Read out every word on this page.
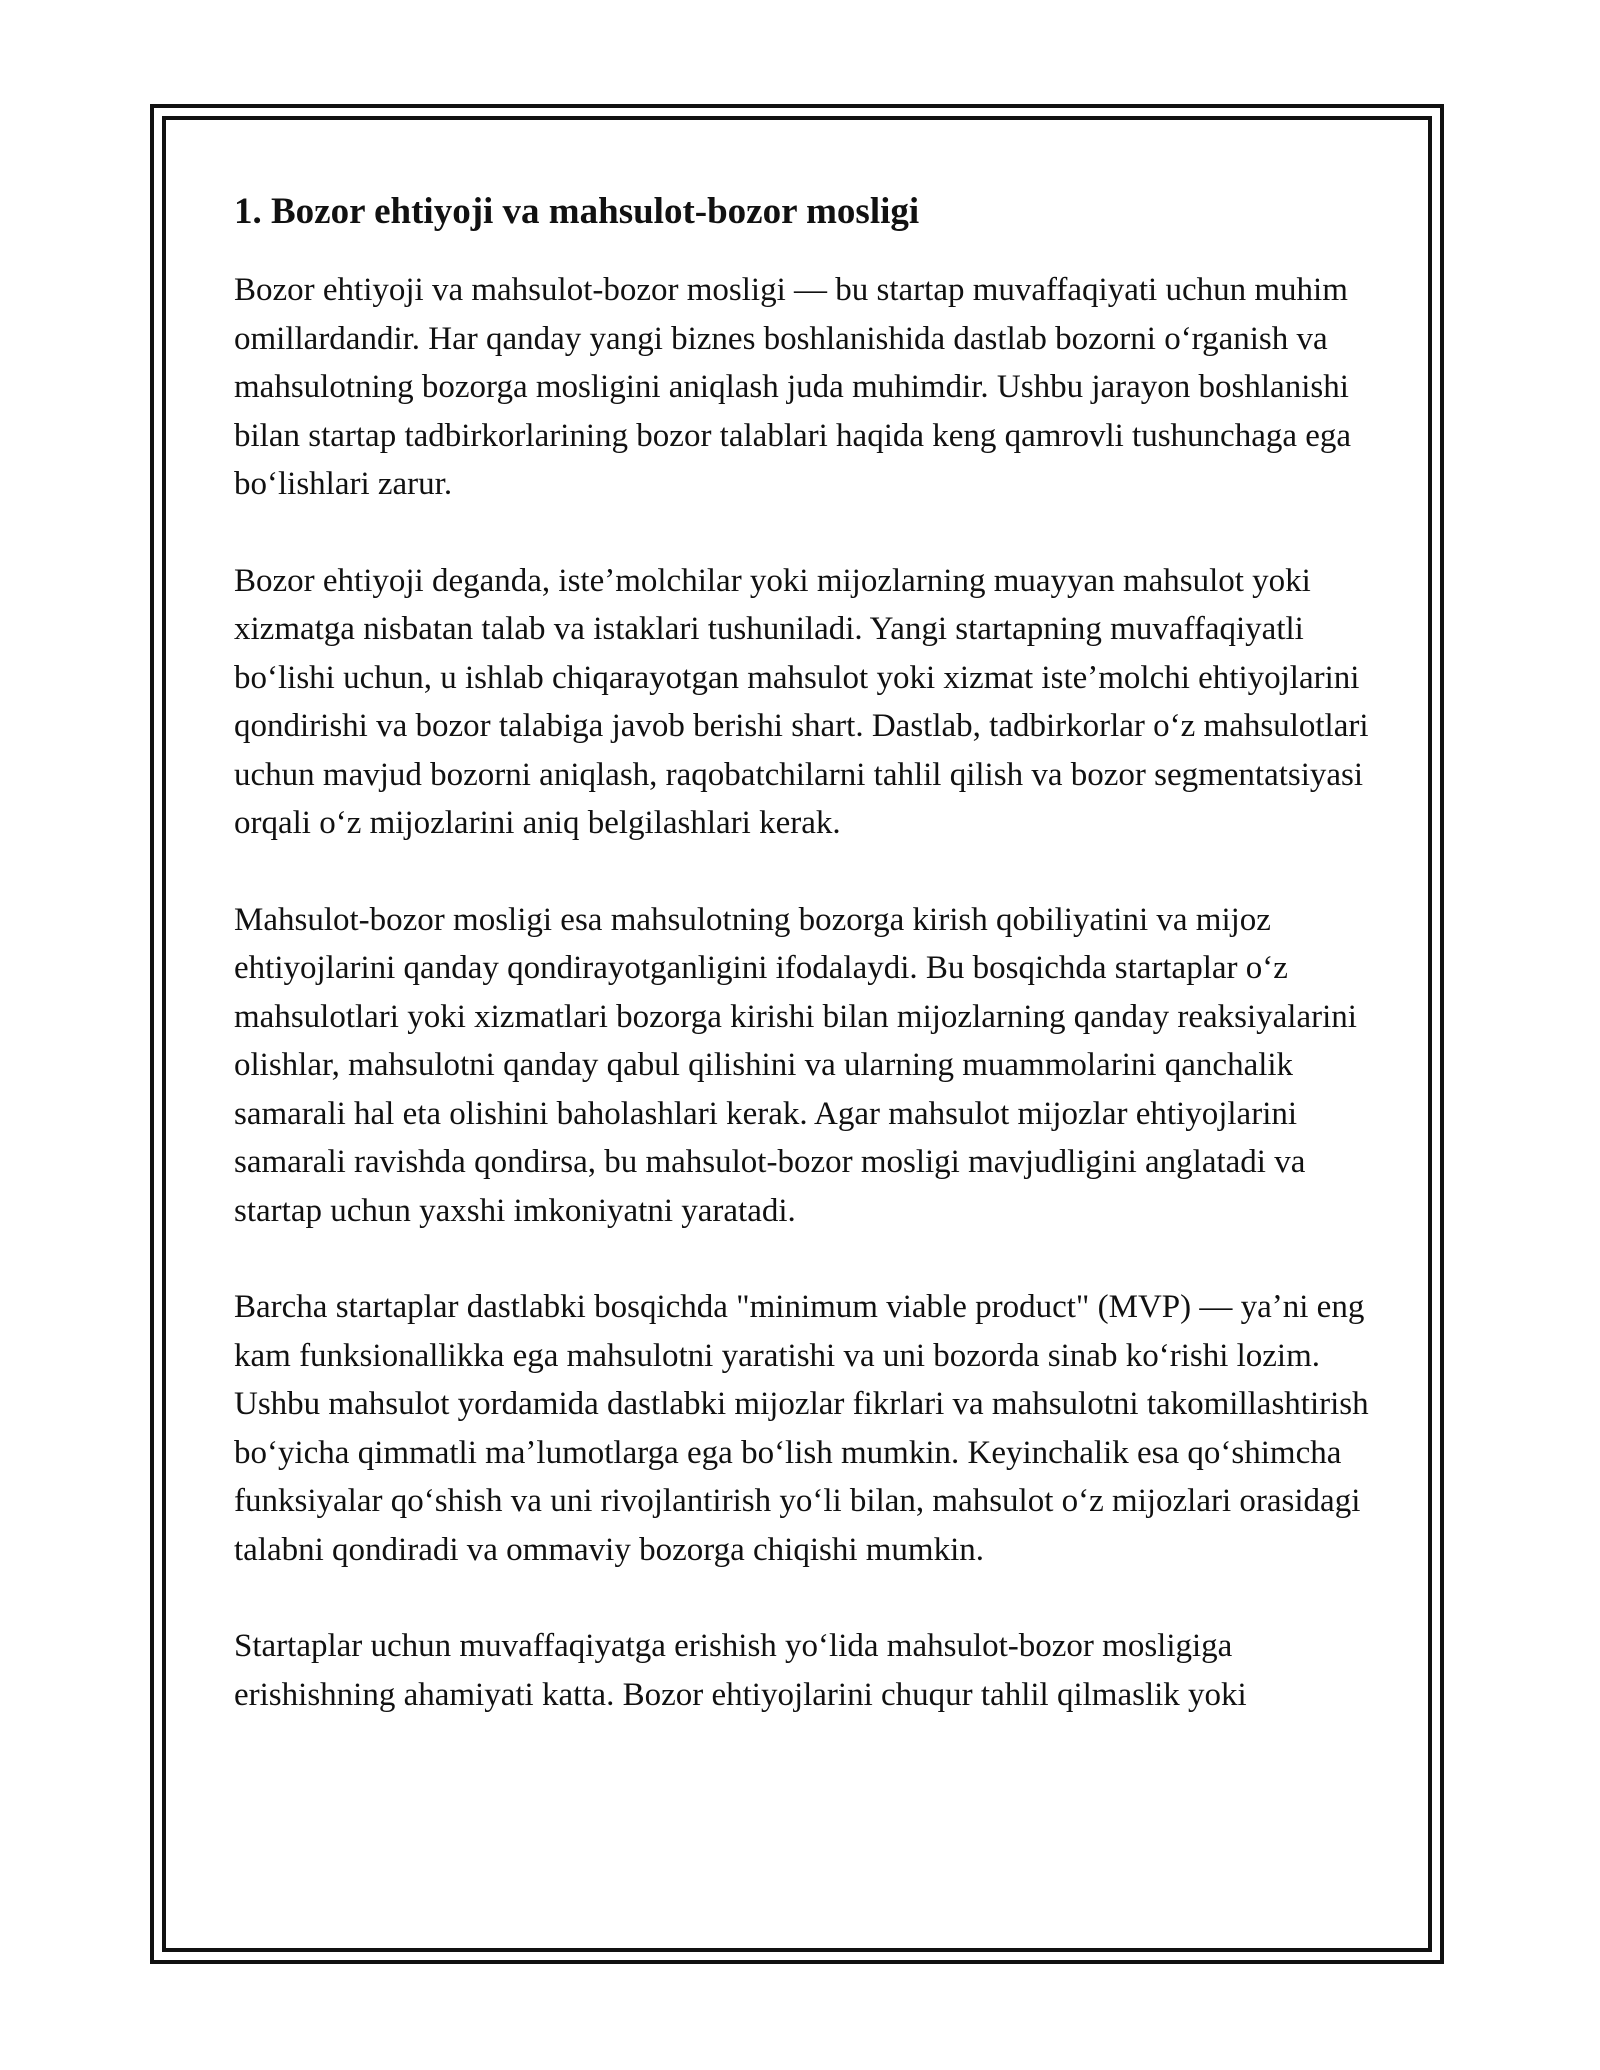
1. Bozor ehtiyoji va mahsulot-bozor mosligi

Bozor ehtiyoji va mahsulot-bozor mosligi — bu startap muvaffaqiyati uchun muhim omillardandir. Har qanday yangi biznes boshlanishida dastlab bozorni oʻrganish va mahsulotning bozorga mosligini aniqlash juda muhimdir. Ushbu jarayon boshlanishi bilan startap tadbirkorlarining bozor talablari haqida keng qamrovli tushunchaga ega boʻlishlari zarur.

Bozor ehtiyoji deganda, isteʼmolchilar yoki mijozlarning muayyan mahsulot yoki xizmatga nisbatan talab va istaklari tushuniladi. Yangi startapning muvaffaqiyatli boʻlishi uchun, u ishlab chiqarayotgan mahsulot yoki xizmat isteʼmolchi ehtiyojlarini qondirishi va bozor talabiga javob berishi shart. Dastlab, tadbirkorlar oʻz mahsulotlari uchun mavjud bozorni aniqlash, raqobatchilarni tahlil qilish va bozor segmentatsiyasi orqali oʻz mijozlarini aniq belgilashlari kerak.

Mahsulot-bozor mosligi esa mahsulotning bozorga kirish qobiliyatini va mijoz ehtiyojlarini qanday qondirayotganligini ifodalaydi. Bu bosqichda startaplar oʻz mahsulotlari yoki xizmatlari bozorga kirishi bilan mijozlarning qanday reaksiyalarini olishlar, mahsulotni qanday qabul qilishini va ularning muammolarini qanchalik samarali hal eta olishini baholashlari kerak. Agar mahsulot mijozlar ehtiyojlarini samarali ravishda qondirsa, bu mahsulot-bozor mosligi mavjudligini anglatadi va startap uchun yaxshi imkoniyatni yaratadi.

Barcha startaplar dastlabki bosqichda "minimum viable product" (MVP) — yaʼni eng kam funksionallikka ega mahsulotni yaratishi va uni bozorda sinab koʻrishi lozim. Ushbu mahsulot yordamida dastlabki mijozlar fikrlari va mahsulotni takomillashtirish boʻyicha qimmatli maʼlumotlarga ega boʻlish mumkin. Keyinchalik esa qoʻshimcha funksiyalar qoʻshish va uni rivojlantirish yoʻli bilan, mahsulot oʻz mijozlari orasidagi talabni qondiradi va ommaviy bozorga chiqishi mumkin.

Startaplar uchun muvaffaqiyatga erishish yoʻlida mahsulot-bozor mosligiga erishishning ahamiyati katta. Bozor ehtiyojlarini chuqur tahlil qilmaslik yoki
